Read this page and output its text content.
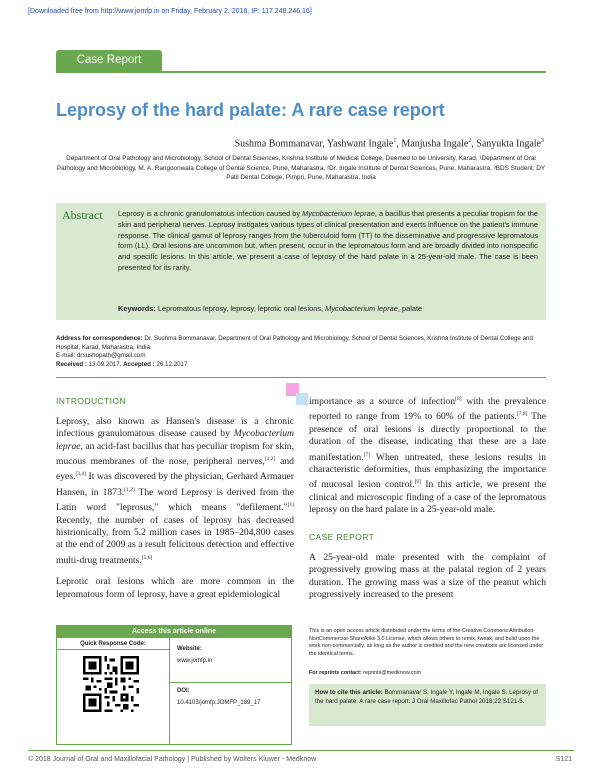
[Downloaded free from http://www.jomfp.in on Friday, February 2, 2018, IP: 117.248.246.16]
Case Report
Leprosy of the hard palate: A rare case report
Sushma Bommanavar, Yashwant Ingale$^1$, Manjusha Ingale$^2$, Sanyukta Ingale$^3$
Department of Oral Pathology and Microbiology, School of Dental Sciences, Krishna Institute of Medical College, Deemed to be University, Karad, ¹Department of Oral Pathology and Microbiology, M. A. Rangoonwala College of Dental Science, Pune, Maharastra, ²Dr. Ingale Institute of Dental Sciences, Pune, Maharastra, ³BDS Student, DY Patil Dental College, Pimpri, Pune, Maharastra, India
Abstract Leprosy is a chronic granulomatous infection caused by Mycobacterium leprae, a bacillus that presents a peculiar tropism for the skin and peripheral nerves. Leprosy instigates various types of clinical presentation and exerts influence on the patient's immune response. The clinical gamut of leprosy ranges from the tuberculoid form (TT) to the disseminative and progressive lepromatous form (LL). Oral lesions are uncommon but, when present, occur in the lepromatous form and are broadly divided into nonspecific and specific lesions. In this article, we present a case of leprosy of the hard palate in a 25-year-old male. The case is been presented for its rarity.
Keywords: Lepromatous leprosy, leprosy, leprotic oral lesions, Mycobacterium leprae, palate
Address for correspondence: Dr. Sushma Bommanavar, Department of Oral Pathology and Microbiology, School of Dental Sciences, Krishna Institute of Dental College and Hospital, Karad, Maharastra, India.
E-mail: drsushopath@gmail.com
Received : 13.09.2017, Accepted : 26.12.2017
INTRODUCTION

Leprosy, also known as Hansen's disease is a chronic infectious granulomatous disease caused by Mycobacterium leprae, an acid-fast bacillus that has peculiar tropism for skin, mucous membranes of the nose, peripheral nerves,[1,2] and eyes.[3,4] It was discovered by the physician, Gerhard Armauer Hansen, in 1873.[1,2] The word Leprosy is derived from the Latin word "leprosus," which means "defilement."[1] Recently, the number of cases of leprosy has decreased histrionically, from 5.2 million cases in 1985–204,800 cases at the end of 2009 as a result felicitous detection and effective multi-drug treatments.[5,6]

Leprotic oral lesions which are more common in the lepromatous form of leprosy, have a great epidemiological

importance as a source of infection[8] with the prevalence reported to range from 19% to 60% of the patients.[7,8] The presence of oral lesions is directly proportional to the duration of the disease, indicating that these are a late manifestation.[7] When untreated, these lesions results in characteristic deformities, thus emphasizing the importance of mucosal lesion control.[9] In this article, we present the clinical and microscopic finding of a case of the lepromatous leprosy on the hard palate in a 25-year-old male.

CASE REPORT

A 25-year-old male presented with the complaint of progressively growing mass at the palatal region of 2 years duration. The growing mass was a size of the peanut which progressively increased to the present

Access this article online
Quick Response Code:
Website:
www.jomfp.in
DOI:
10.4103/jomfp.JOMFP_189_17
This is an open access article distributed under the terms of the Creative Commons Attribution-NonCommercial-ShareAlike 3.0 License, which allows others to remix, tweak, and build upon the work non-commercially, as long as the author is credited and the new creations are licensed under the identical terms.
For reprints contact: reprints@medknow.com
How to cite this article: Bommanavar S, Ingale Y, Ingale M, Ingale S. Leprosy of the hard palate: A rare case report. J Oral Maxillofac Pathol 2018;22:S121-5.
© 2018 Journal of Oral and Maxillofacial Pathology | Published by Wolters Kluwer - Medknow	S121
